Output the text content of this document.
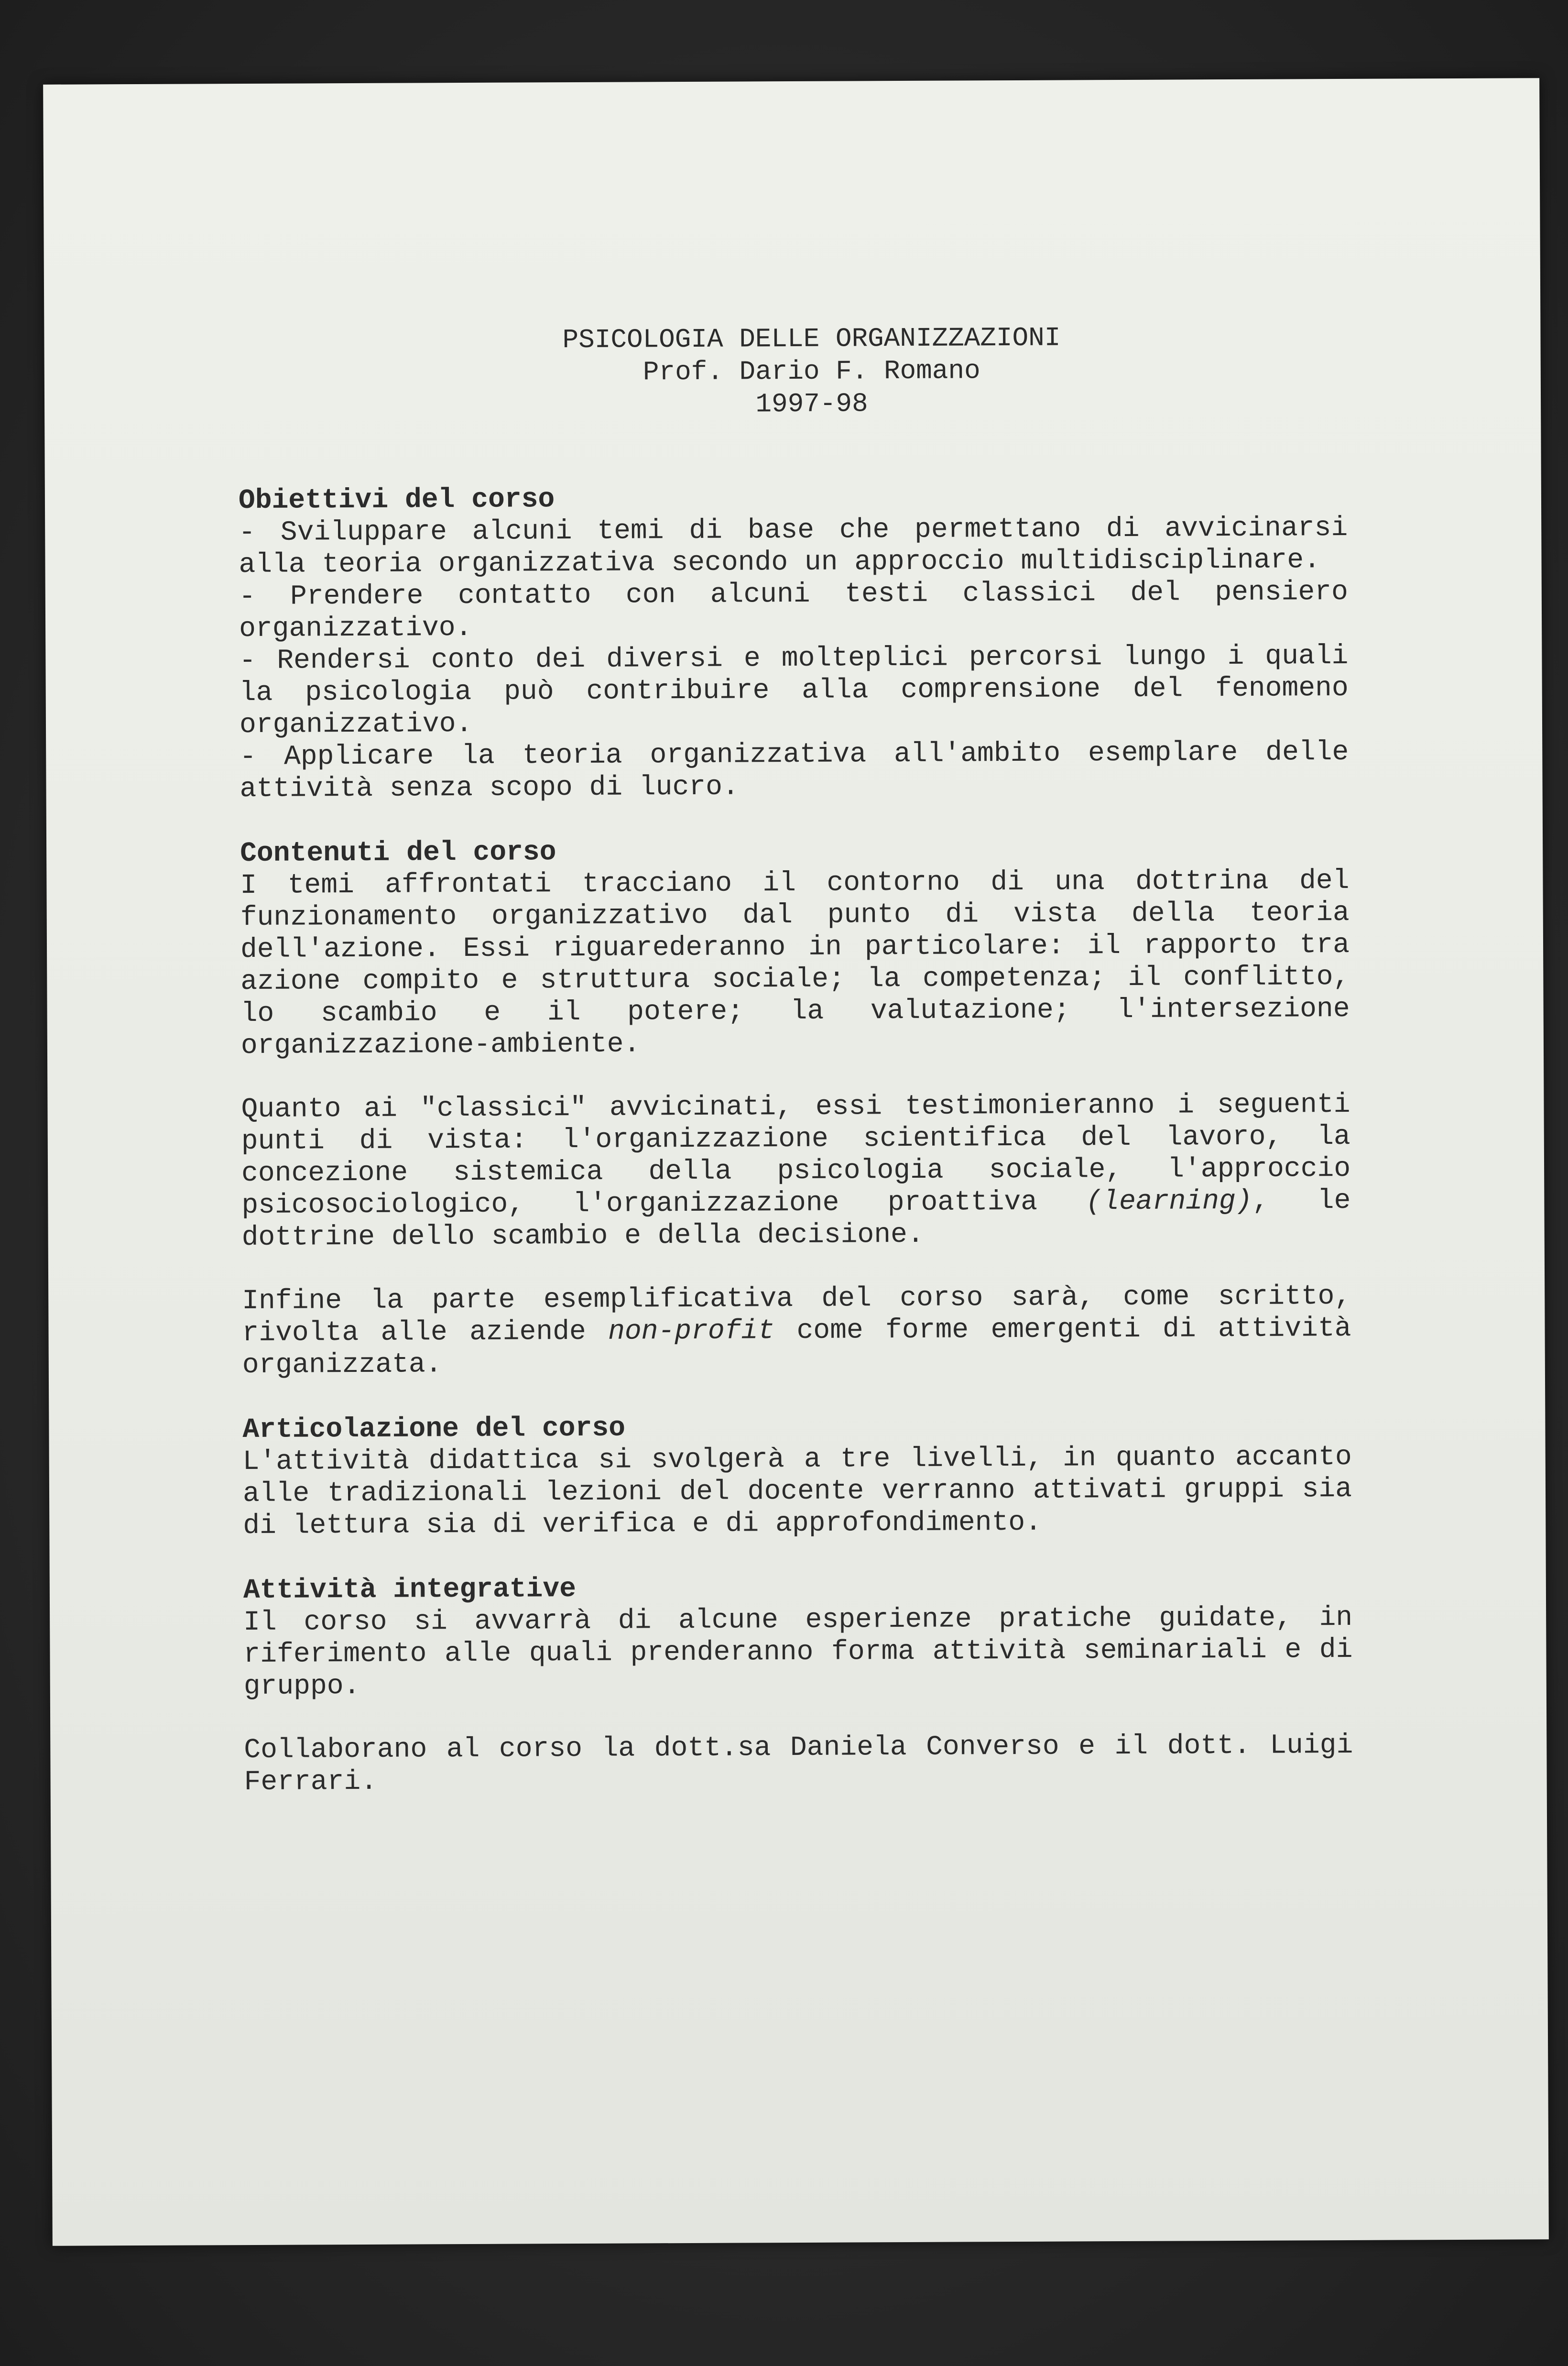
PSICOLOGIA DELLE ORGANIZZAZIONI
Prof. Dario F. Romano
1997-98
Obiettivi del corso

- Sviluppare alcuni temi di base che permettano di avvicinarsi alla teoria organizzativa secondo un approccio multidisciplinare.

- Prendere contatto con alcuni testi classici del pensiero organizzativo.

- Rendersi conto dei diversi e molteplici percorsi lungo i quali la psicologia può contribuire alla comprensione del fenomeno organizzativo.

- Applicare la teoria organizzativa all'ambito esemplare delle attività senza scopo di lucro.

Contenuti del corso

I temi affrontati tracciano il contorno di una dottrina del funzionamento organizzativo dal punto di vista della teoria dell'azione. Essi riguarederanno in particolare: il rapporto tra azione compito e struttura sociale; la competenza; il conflitto, lo scambio e il potere; la valutazione; l'intersezione organizzazione-ambiente.

Quanto ai "classici" avvicinati, essi testimonieranno i seguenti punti di vista: l'organizzazione scientifica del lavoro, la concezione sistemica della psicologia sociale, l'approccio psicosociologico, l'organizzazione proattiva (learning), le dottrine dello scambio e della decisione.

Infine la parte esemplificativa del corso sarà, come scritto, rivolta alle aziende non-profit come forme emergenti di attività organizzata.

Articolazione del corso

L'attività didattica si svolgerà a tre livelli, in quanto accanto alle tradizionali lezioni del docente verranno attivati gruppi sia di lettura sia di verifica e di approfondimento.

Attività integrative

Il corso si avvarrà di alcune esperienze pratiche guidate, in riferimento alle quali prenderanno forma attività seminariali e di gruppo.

Collaborano al corso la dott.sa Daniela Converso e il dott. Luigi Ferrari.
